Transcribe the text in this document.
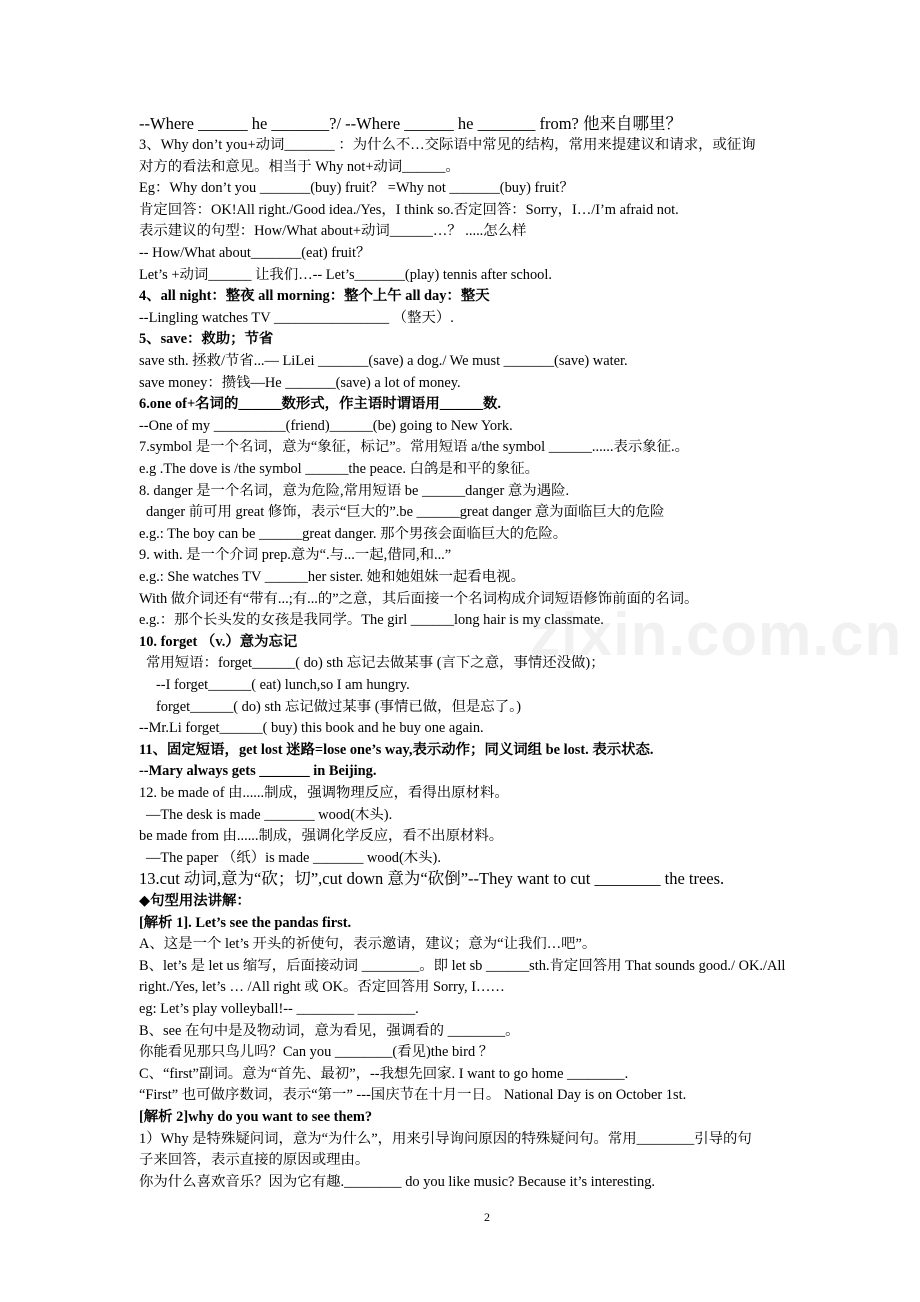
--Where ______ he _______?/ --Where ______ he _______ from? 他来自哪里？
3、Why don’t you+动词_______ ：为什么不…交际语中常见的结构，常用来提建议和请求，或征询
对方的看法和意见。相当于 Why not+动词______。
Eg：Why don’t you _______(buy) fruit？ =Why not _______(buy) fruit？
肯定回答：OK!All right./Good idea./Yes，I think so.否定回答：Sorry，I…/I’m afraid not.
表示建议的句型：How/What about+动词______…？ .....怎么样
-- How/What about_______(eat) fruit？
Let’s +动词______ 让我们…-- Let’s_______(play) tennis after school.
4、all night：整夜 all morning：整个上午 all day：整天
--Lingling watches TV ________________ （整天）.
5、save：救助；节省
save sth. 拯救/节省...— LiLei _______(save) a dog./ We must _______(save) water.
save money：攒钱—He _______(save) a lot of money.
6.one of+名词的______数形式，作主语时谓语用______数.
--One of my __________(friend)______(be) going to New York.
7.symbol 是一个名词，意为“象征，标记”。常用短语 a/the symbol ______......表示象征.。
e.g .The dove is /the symbol ______the peace. 白鸽是和平的象征。
8. danger 是一个名词，意为危险,常用短语 be ______danger 意为遇险.
danger 前可用 great 修饰，表示“巨大的”.be ______great danger 意为面临巨大的危险
e.g.: The boy can be ______great danger. 那个男孩会面临巨大的危险。
9. with. 是一个介词 prep.意为“.与...一起,借同,和...”
e.g.: She watches TV ______her sister. 她和她姐妹一起看电视。
With 做介词还有“带有...;有...的”之意，其后面接一个名词构成介词短语修饰前面的名词。
e.g.：那个长头发的女孩是我同学。The girl ______long hair is my classmate.
10. forget （v.）意为忘记
常用短语：forget______( do) sth 忘记去做某事 (言下之意，事情还没做)；
--I forget______( eat) lunch,so I am hungry.
forget______( do) sth 忘记做过某事 (事情已做，但是忘了。)
--Mr.Li forget______( buy) this book and he buy one again.
11、固定短语，get lost 迷路=lose one’s way,表示动作；同义词组 be lost. 表示状态.
--Mary always gets _______ in Beijing.
12. be made of 由......制成，强调物理反应，看得出原材料。
—The desk is made _______ wood(木头).
be made from 由......制成，强调化学反应，看不出原材料。
—The paper （纸）is made _______ wood(木头).
13.cut 动词,意为“砍；切”,cut down 意为“砍倒”--They want to cut ________ the trees.
◆句型用法讲解：
[解析 1]. Let’s see the pandas first.
A、这是一个 let’s 开头的祈使句，表示邀请，建议；意为“让我们…吧”。
B、let’s 是 let us 缩写，后面接动词 ________。即 let sb ______sth.肯定回答用 That sounds good./ OK./All
right./Yes, let’s … /All right 或 OK。否定回答用 Sorry, I……
eg: Let’s play volleyball!-- ________ ________.
B、see 在句中是及物动词，意为看见，强调看的 ________。
你能看见那只鸟儿吗？Can you ________(看见)the bird ？
C、“first”副词。意为“首先、最初”，--我想先回家. I want to go home ________.
“First” 也可做序数词，表示“第一” ---国庆节在十月一日。 National Day is on October 1st.
[解析 2]why do you want to see them?
1）Why 是特殊疑问词，意为“为什么”，用来引导询问原因的特殊疑问句。常用________引导的句
子来回答，表示直接的原因或理由。
你为什么喜欢音乐？因为它有趣.________ do you like music? Because it’s interesting.
zixin.com.cn
2
